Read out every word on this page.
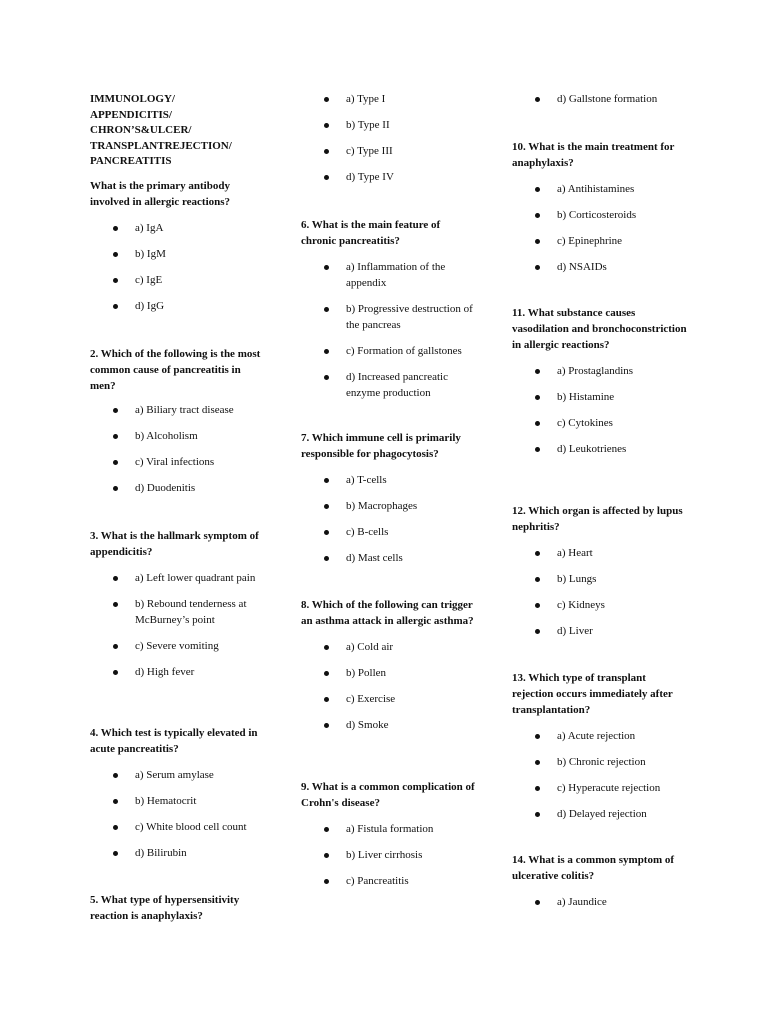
IMMUNOLOGY/
APPENDICITIS/
CHRON’S&ULCER/
TRANSPLANTREJECTION/
PANCREATITIS

What is the primary antibody involved in allergic reactions?

a) IgA
b) IgM
c) IgE
d) IgG

2. Which of the following is the most common cause of pancreatitis in men?

a) Biliary tract disease
b) Alcoholism
c) Viral infections
d) Duodenitis

3. What is the hallmark symptom of appendicitis?

a) Left lower quadrant pain
b) Rebound tenderness at McBurney’s point
c) Severe vomiting
d) High fever

4. Which test is typically elevated in acute pancreatitis?

a) Serum amylase
b) Hematocrit
c) White blood cell count
d) Bilirubin

5. What type of hypersensitivity reaction is anaphylaxis?

a) Type I
b) Type II
c) Type III
d) Type IV

6. What is the main feature of chronic pancreatitis?

a) Inflammation of the appendix
b) Progressive destruction of the pancreas
c) Formation of gallstones
d) Increased pancreatic enzyme production

7. Which immune cell is primarily responsible for phagocytosis?

a) T-cells
b) Macrophages
c) B-cells
d) Mast cells

8. Which of the following can trigger an asthma attack in allergic asthma?

a) Cold air
b) Pollen
c) Exercise
d) Smoke

9. What is a common complication of Crohn's disease?

a) Fistula formation
b) Liver cirrhosis
c) Pancreatitis
d) Gallstone formation

10. What is the main treatment for anaphylaxis?

a) Antihistamines
b) Corticosteroids
c) Epinephrine
d) NSAIDs

11. What substance causes vasodilation and bronchoconstriction in allergic reactions?

a) Prostaglandins
b) Histamine
c) Cytokines
d) Leukotrienes

12. Which organ is affected by lupus nephritis?

a) Heart
b) Lungs
c) Kidneys
d) Liver

13. Which type of transplant rejection occurs immediately after transplantation?

a) Acute rejection
b) Chronic rejection
c) Hyperacute rejection
d) Delayed rejection

14. What is a common symptom of ulcerative colitis?

a) Jaundice
